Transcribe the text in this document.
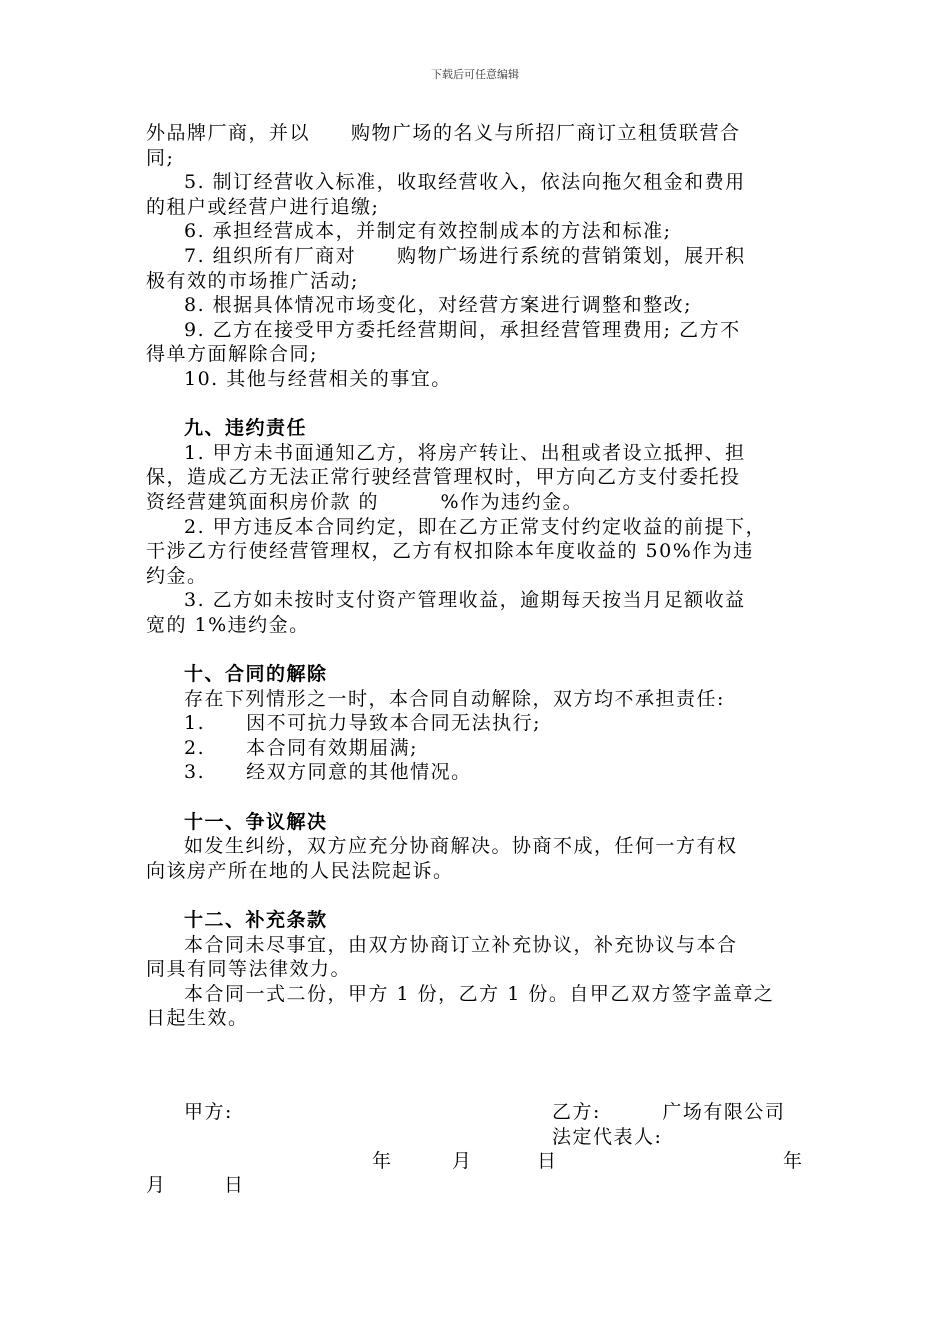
下载后可任意编辑
外品牌厂商，并以　　购物广场的名义与所招厂商订立租赁联营合
同;
5. 制订经营收入标准，收取经营收入，依法向拖欠租金和费用
的租户或经营户进行追缴;
6. 承担经营成本，并制定有效控制成本的方法和标准;
7. 组织所有厂商对　　购物广场进行系统的营销策划，展开积
极有效的市场推广活动;
8. 根据具体情况市场变化，对经营方案进行调整和整改;
9. 乙方在接受甲方委托经营期间，承担经营管理费用; 乙方不
得单方面解除合同;
10. 其他与经营相关的事宜。
九、违约责任
1. 甲方未书面通知乙方，将房产转让、出租或者设立抵押、担
保，造成乙方无法正常行驶经营管理权时，甲方向乙方支付委托投
资经营建筑面积房价款 的　　　%作为违约金。
2. 甲方违反本合同约定，即在乙方正常支付约定收益的前提下，
干涉乙方行使经营管理权，乙方有权扣除本年度收益的 50%作为违
约金。
3. 乙方如未按时支付资产管理收益，逾期每天按当月足额收益
宽的 1%违约金。
十、合同的解除
存在下列情形之一时，本合同自动解除，双方均不承担责任:
1.　　因不可抗力导致本合同无法执行;
2.　　本合同有效期届满;
3.　　经双方同意的其他情况。
十一、争议解决
如发生纠纷，双方应充分协商解决。协商不成，任何一方有权
向该房产所在地的人民法院起诉。
十二、补充条款
本合同未尽事宜，由双方协商订立补充协议，补充协议与本合
同具有同等法律效力。
本合同一式二份，甲方 1 份，乙方 1 份。自甲乙双方签字盖章之
日起生效。
甲方:	乙方:　　　广场有限公司
法定代表人:
年	月	日	年
月	日
